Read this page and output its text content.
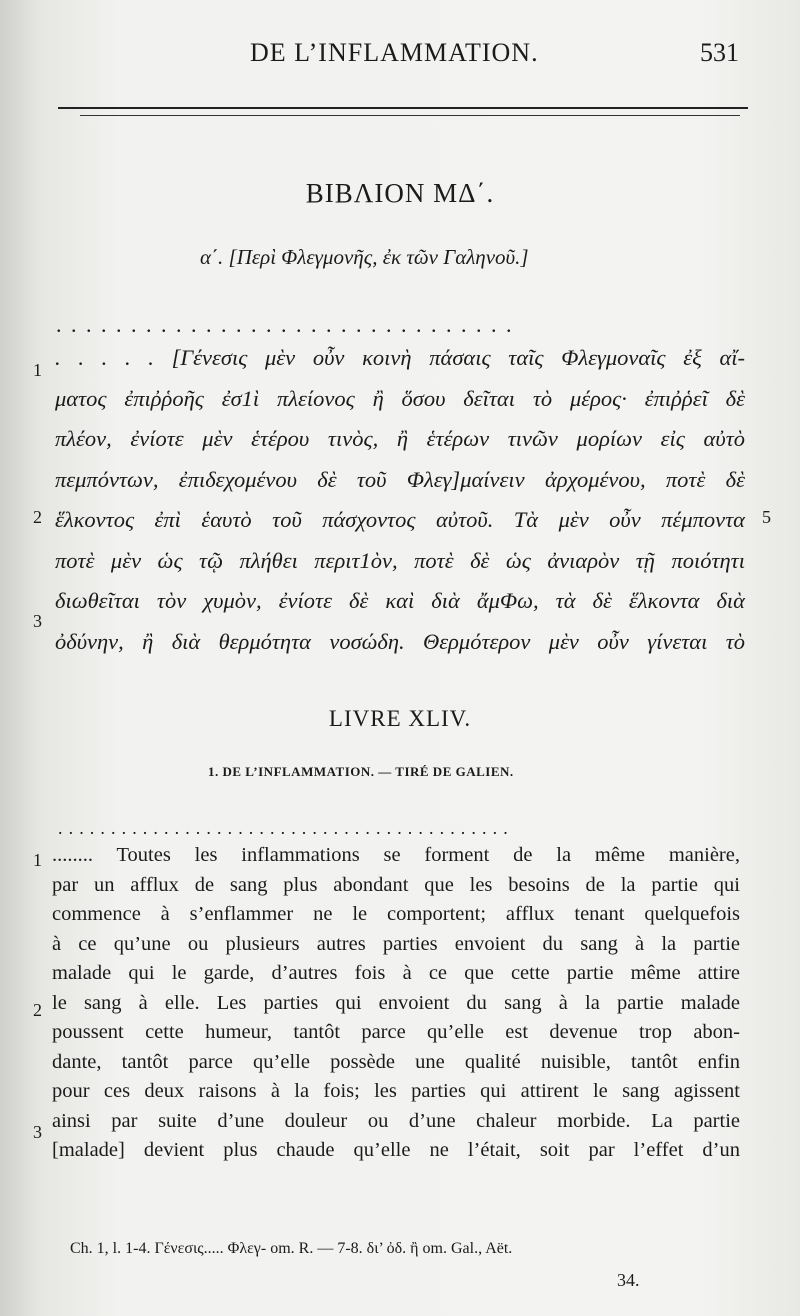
DE L’INFLAMMATION.	531
ΒΙΒΛΙΟΝ ΜΔ΄.
α΄. [Περὶ Φλεγμονῆς, ἐκ τῶν Γαληνοῦ.]
...............................
. . . . . [Γένεσις μὲν οὖν κοινὴ πάσαις ταῖς Φλεγμοναῖς ἐξ αἴ-
ματος ἐπιῤῥοῆς ἐσ1ὶ πλείονος ἢ ὅσου δεῖται τὸ μέρος· ἐπιῤῥεῖ δὲ
πλέον, ἐνίοτε μὲν ἑτέρου τινὸς, ἢ ἑτέρων τινῶν μορίων εἰς αὐτὸ
πεμπόντων, ἐπιδεχομένου δὲ τοῦ Φλεγ]μαίνειν ἀρχομένου, ποτὲ δὲ
ἕλκοντος ἐπὶ ἑαυτὸ τοῦ πάσχοντος αὐτοῦ. Τὰ μὲν οὖν πέμποντα
ποτὲ μὲν ὡς τῷ πλήθει περιτ1ὸν, ποτὲ δὲ ὡς ἀνιαρὸν τῇ ποιότητι
διωθεῖται τὸν χυμὸν, ἐνίοτε δὲ καὶ διὰ ἄμΦω, τὰ δὲ ἕλκοντα διὰ
ὀδύνην, ἢ διὰ θερμότητα νοσώδη. Θερμότερον μὲν οὖν γίνεται τὸ
1
2	5
3
LIVRE XLIV.
1. DE L’INFLAMMATION. — TIRÉ DE GALIEN.
...........................................
........ Toutes les inflammations se forment de la même manière,
par un afflux de sang plus abondant que les besoins de la partie qui
commence à s’enflammer ne le comportent; afflux tenant quelquefois
à ce qu’une ou plusieurs autres parties envoient du sang à la partie
malade qui le garde, d’autres fois à ce que cette partie même attire
le sang à elle. Les parties qui envoient du sang à la partie malade
poussent cette humeur, tantôt parce qu’elle est devenue trop abon-
dante, tantôt parce qu’elle possède une qualité nuisible, tantôt enfin
pour ces deux raisons à la fois; les parties qui attirent le sang agissent
ainsi par suite d’une douleur ou d’une chaleur morbide. La partie
[malade] devient plus chaude qu’elle ne l’était, soit par l’effet d’un
1
2
3
Ch. 1, l. 1-4. Γένεσις..... Φλεγ- om. R. — 7-8. δι’ ὀδ. ἢ om. Gal., Aët.
34.
